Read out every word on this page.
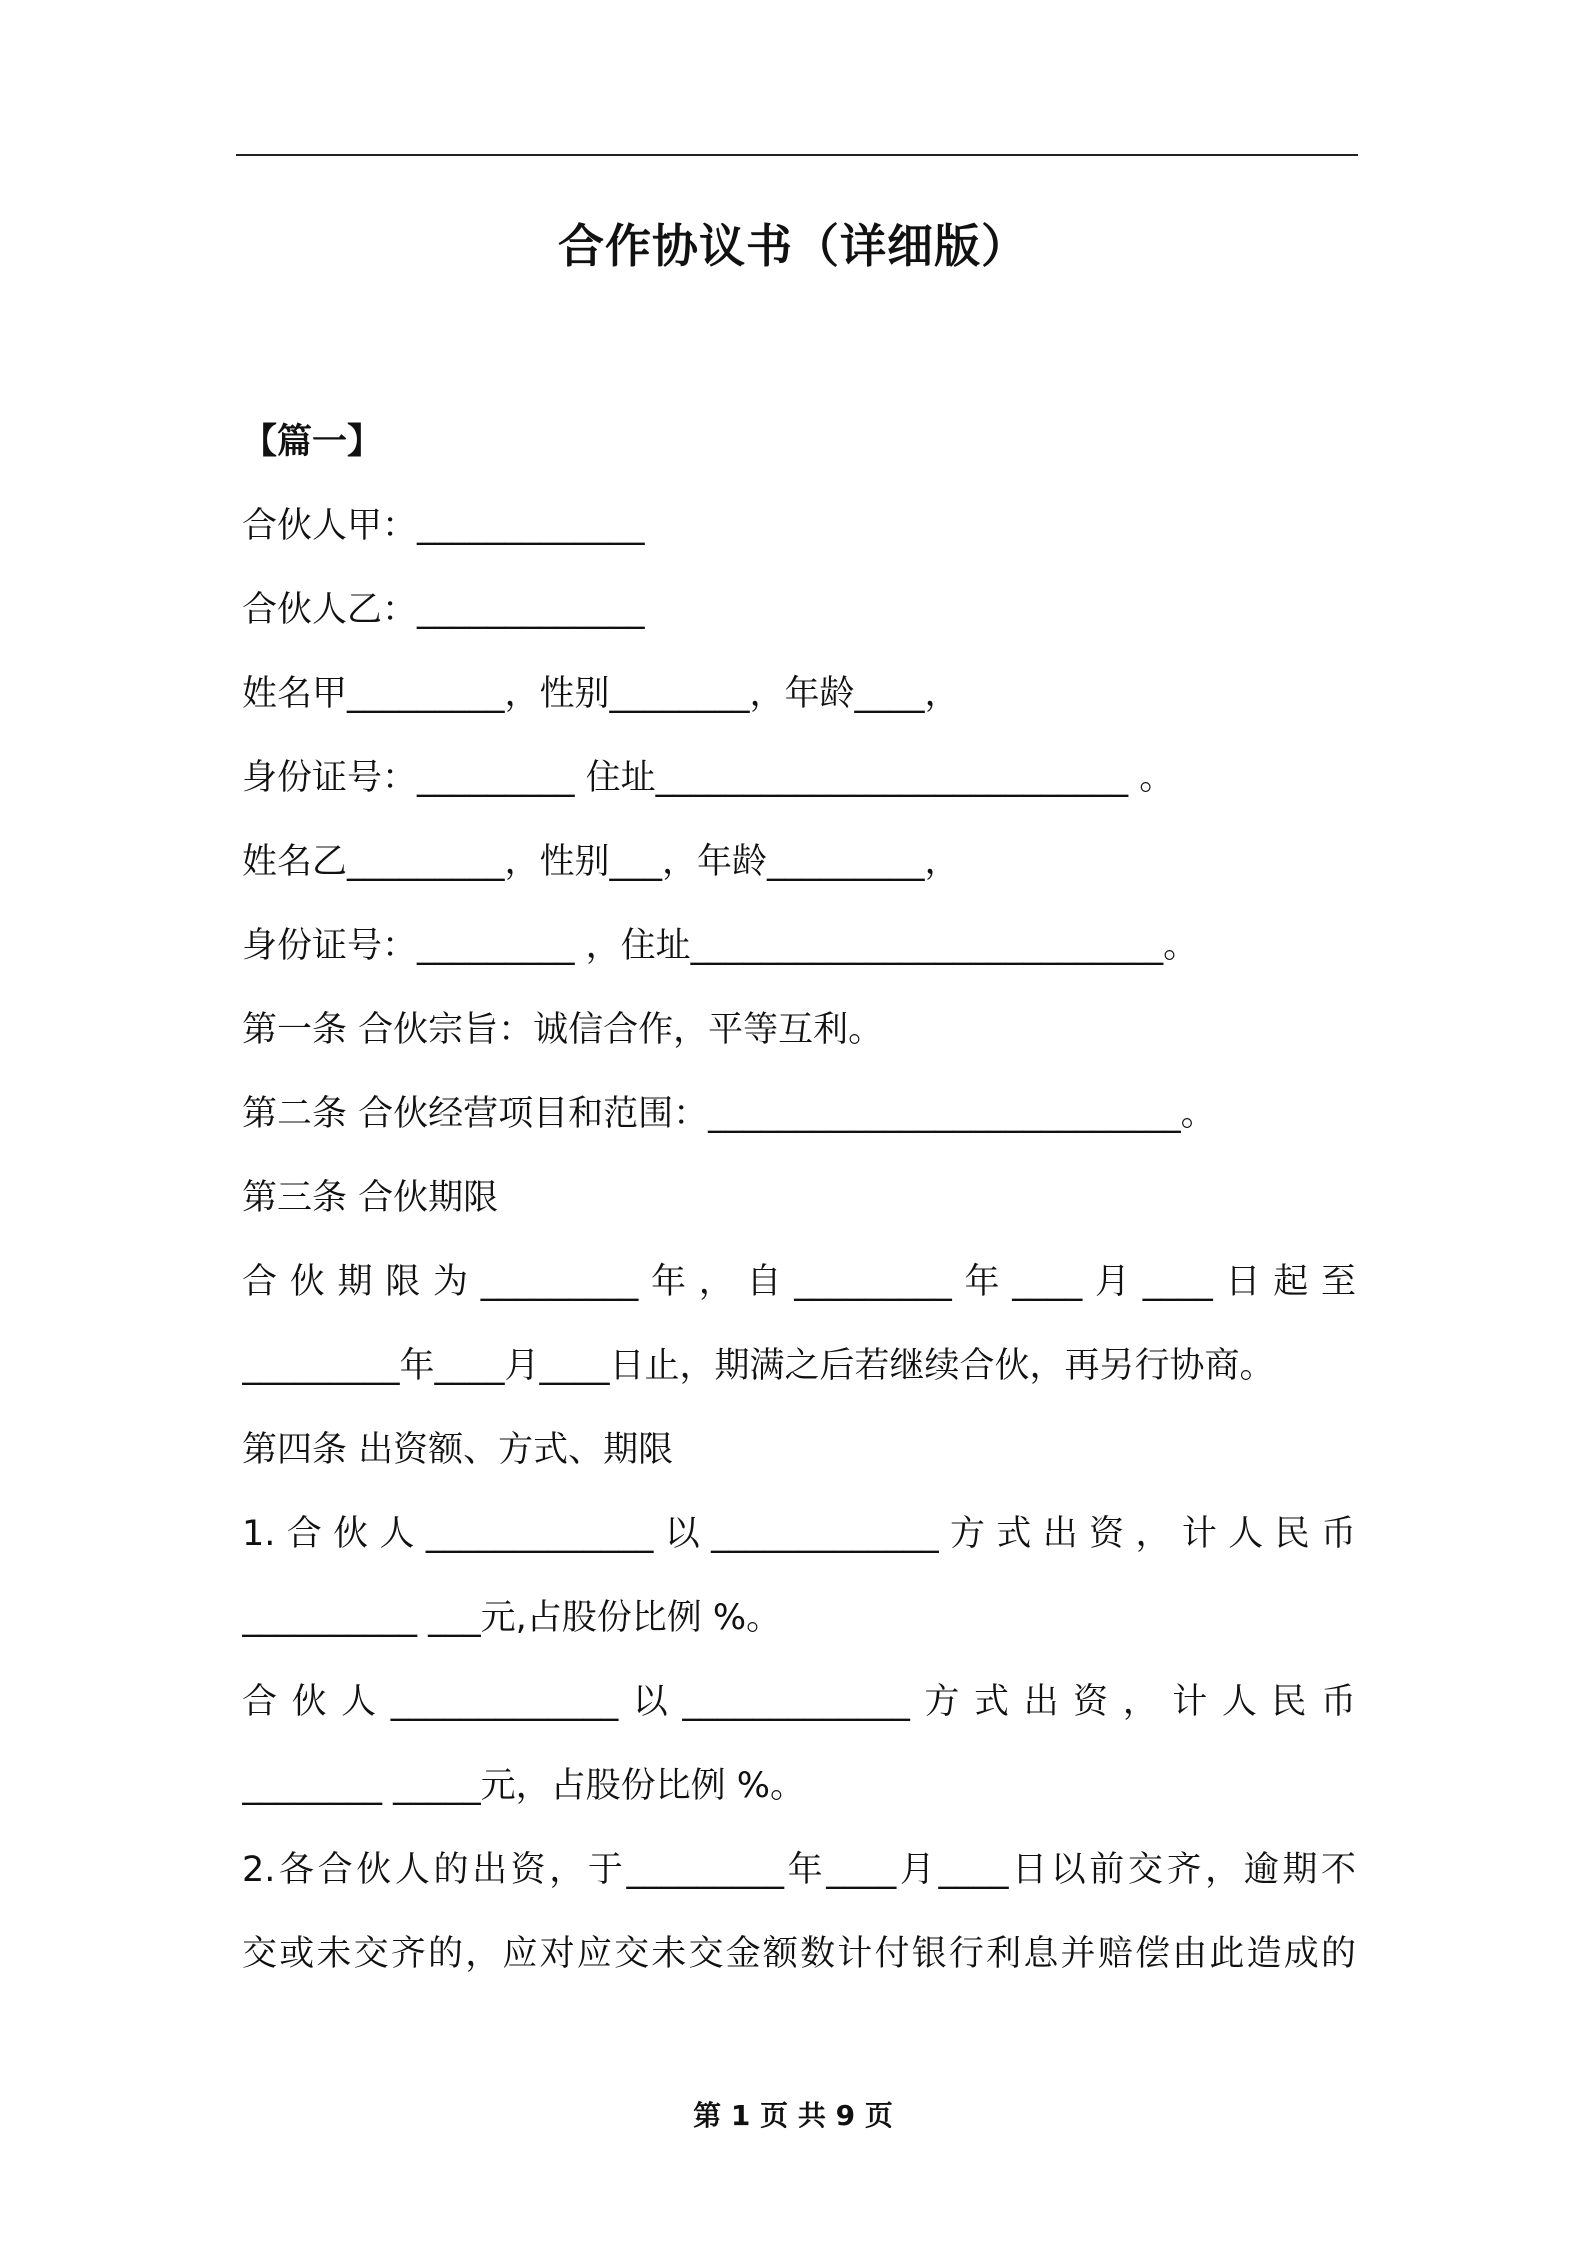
合作协议书（详细版）
【篇一】
合伙人甲：_____________
合伙人乙：_____________
姓名甲_________，性别________，年龄____，
身份证号：_________ 住址___________________________ 。
姓名乙_________，性别___，年龄_________，
身份证号：_________ ，住址___________________________。
第一条 合伙宗旨：诚信合作，平等互利。
第二条 合伙经营项目和范围：___________________________。
第三条 合伙期限
合伙期限为_________年，自_________年____月____日起至
_________年____月____日止，期满之后若继续合伙，再另行协商。
第四条 出资额、方式、期限
1.合伙人_____________以_____________方式出资，计人民币
__________ ___元,占股份比例 %。
合伙人_____________以_____________方式出资，计人民币
________ _____元，占股份比例 %。
2.各合伙人的出资，于_________年____月____日以前交齐，逾期不
交或未交齐的，应对应交未交金额数计付银行利息并赔偿由此造成的
第 1 页 共 9 页
